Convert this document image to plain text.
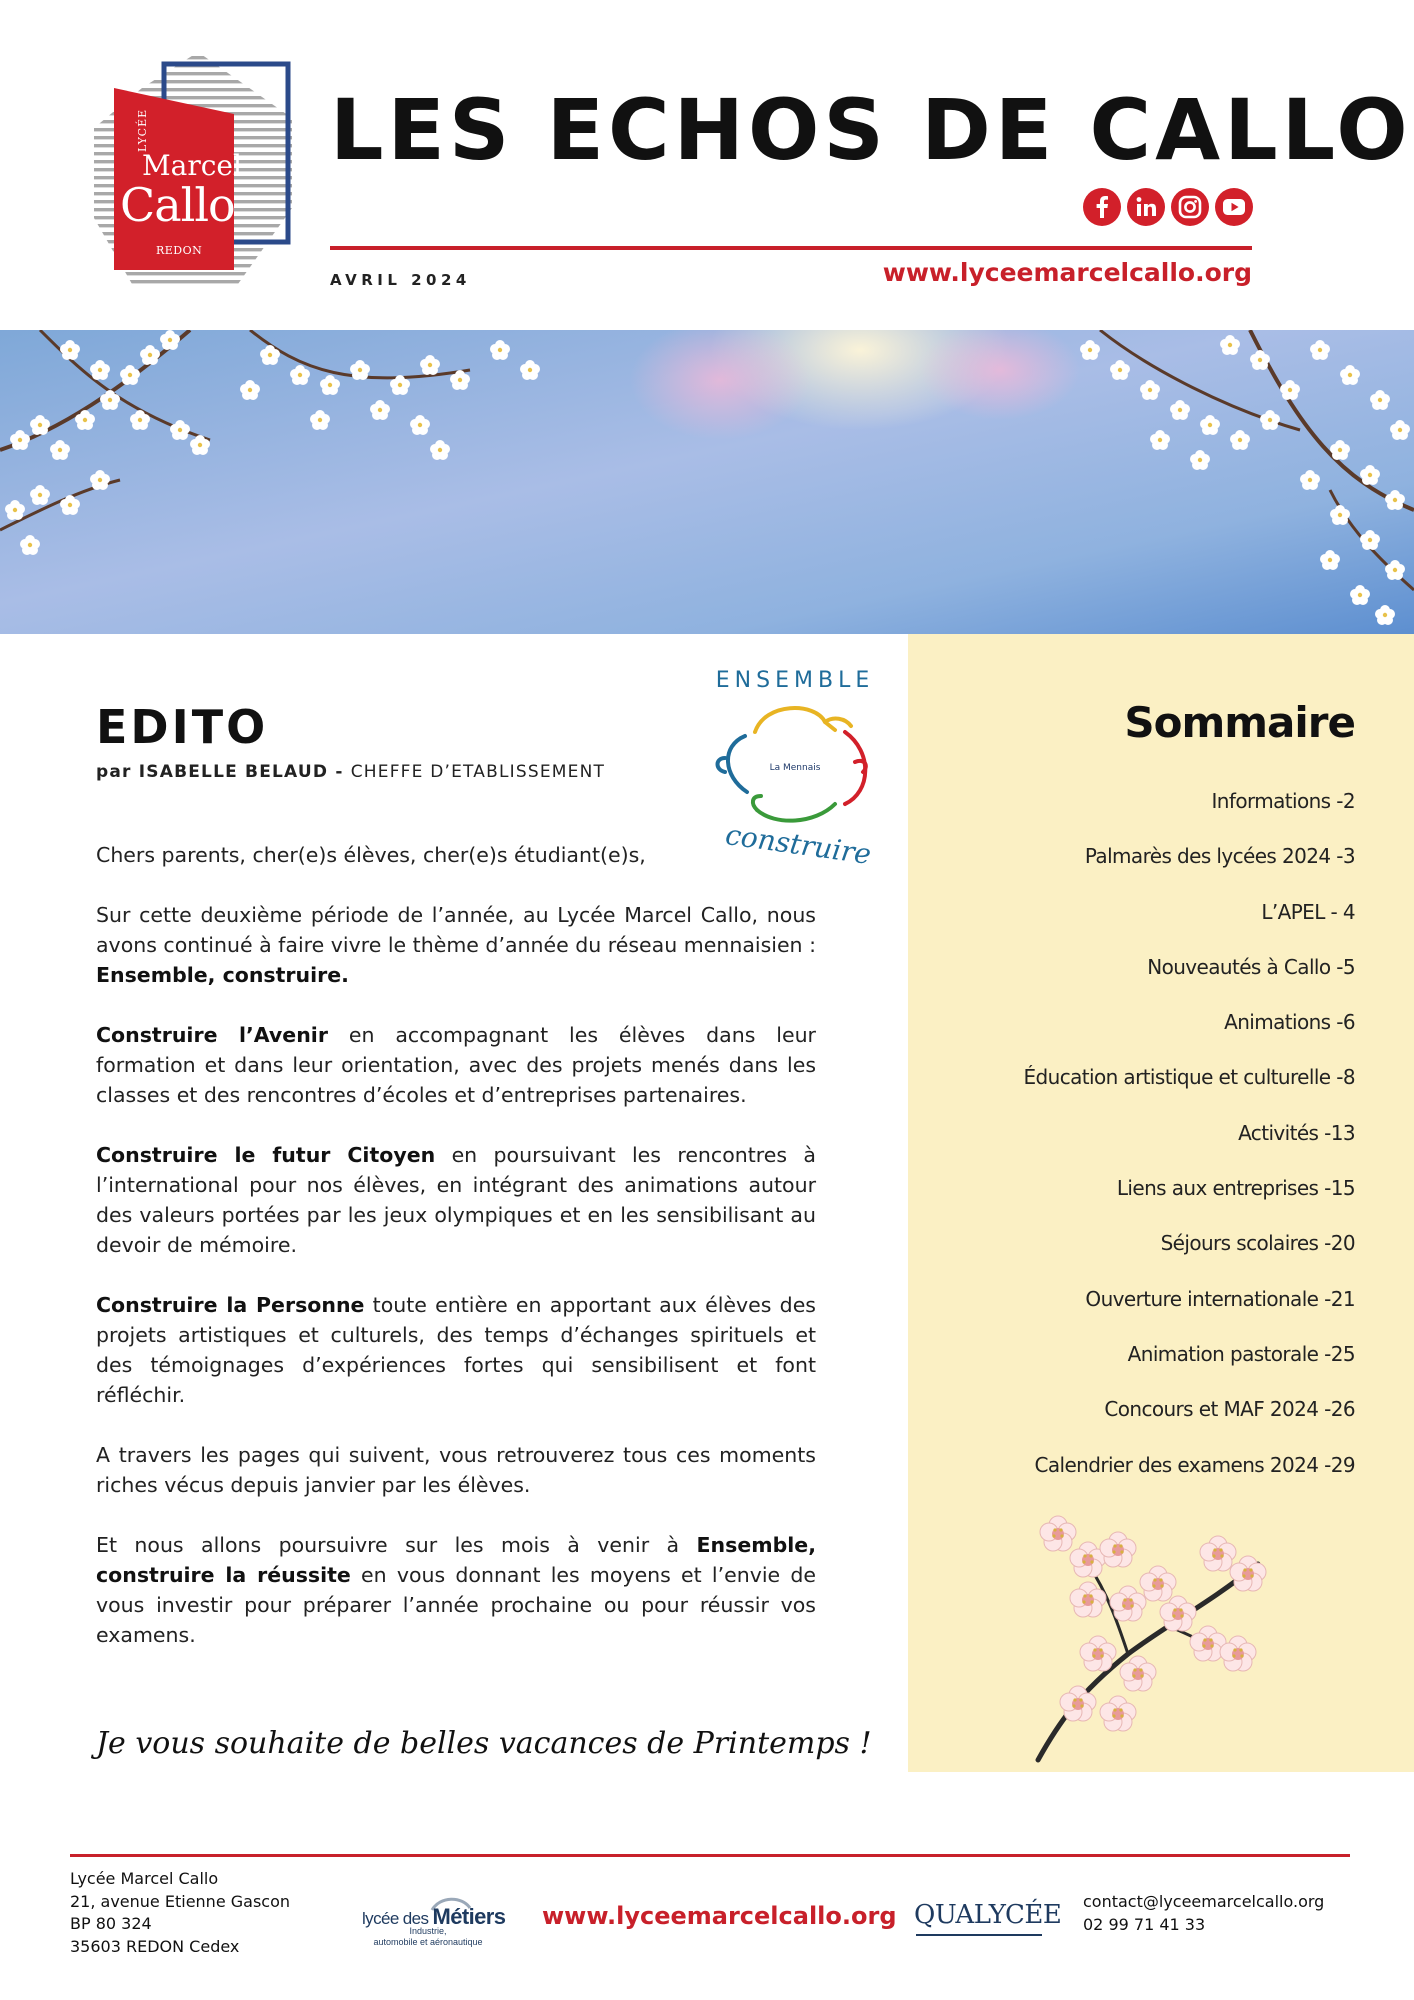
LYCÉE
Marcel
Callo
REDON
LES ECHOS DE CALLO
AVRIL 2024	www.lyceemarcelcallo.org
EDITO
par ISABELLE BELAUD - CHEFFE D’ETABLISSEMENT
ENSEMBLE
La Mennais
construire

Chers parents, cher(e)s élèves, cher(e)s étudiant(e)s,

Sur cette deuxième période de l’année, au Lycée Marcel Callo, nous avons continué à faire vivre le thème d’année du réseau mennaisien : Ensemble, construire.

Construire l’Avenir en accompagnant les élèves dans leur formation et dans leur orientation, avec des projets menés dans les classes et des rencontres d’écoles et d’entreprises partenaires.

Construire le futur Citoyen en poursuivant les rencontres à l’international pour nos élèves, en intégrant des animations autour des valeurs portées par les jeux olympiques et en les sensibilisant au devoir de mémoire.

Construire la Personne toute entière en apportant aux élèves des projets artistiques et culturels, des temps d’échanges spirituels et des témoignages d’expériences fortes qui sensibilisent et font réfléchir.

A travers les pages qui suivent, vous retrouverez tous ces moments riches vécus depuis janvier par les élèves.

Et nous allons poursuivre sur les mois à venir à Ensemble, construire la réussite en vous donnant les moyens et l’envie de vous investir pour préparer l’année prochaine ou pour réussir vos examens.

Je vous souhaite de belles vacances de Printemps !
Sommaire
Informations -2
Palmarès des lycées 2024 -3
L’APEL - 4
Nouveautés à Callo -5
Animations -6
Éducation artistique et culturelle -8
Activités -13
Liens aux entreprises -15
Séjours scolaires -20
Ouverture internationale -21
Animation pastorale -25
Concours et MAF 2024 -26
Calendrier des examens 2024 -29
Lycée Marcel Callo
21, avenue Etienne Gascon
BP 80 324
35603 REDON Cedex
lycée des Métiers
Industrie,
automobile et aéronautique
www.lyceemarcelcallo.org QUALYCÉE contact@lyceemarcelcallo.org
02 99 71 41 33
